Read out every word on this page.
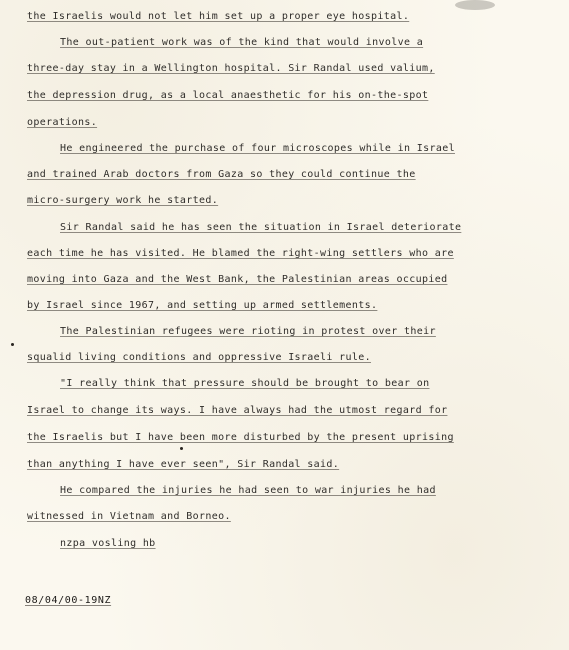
the Israelis would not let him set up a proper eye hospital.
The out-patient work was of the kind that would involve a
three-day stay in a Wellington hospital. Sir Randal used valium,
the depression drug, as a local anaesthetic for his on-the-spot
operations.
He engineered the purchase of four microscopes while in Israel
and trained Arab doctors from Gaza so they could continue the
micro-surgery work he started.
Sir Randal said he has seen the situation in Israel deteriorate
each time he has visited. He blamed the right-wing settlers who are
moving into Gaza and the West Bank, the Palestinian areas occupied
by Israel since 1967, and setting up armed settlements.
The Palestinian refugees were rioting in protest over their
squalid living conditions and oppressive Israeli rule.
"I really think that pressure should be brought to bear on
Israel to change its ways. I have always had the utmost regard for
the Israelis but I have been more disturbed by the present uprising
than anything I have ever seen", Sir Randal said.
He compared the injuries he had seen to war injuries he had
witnessed in Vietnam and Borneo.
nzpa vosling hb
08/04/00-19NZ
